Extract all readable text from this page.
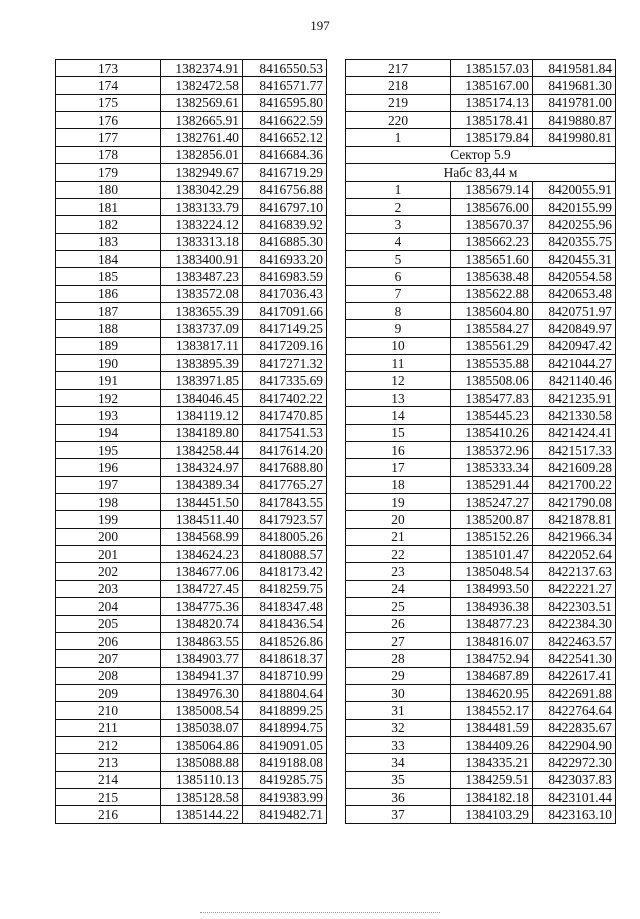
197
173	1382374.91	8416550.53
174	1382472.58	8416571.77
175	1382569.61	8416595.80
176	1382665.91	8416622.59
177	1382761.40	8416652.12
178	1382856.01	8416684.36
179	1382949.67	8416719.29
180	1383042.29	8416756.88
181	1383133.79	8416797.10
182	1383224.12	8416839.92
183	1383313.18	8416885.30
184	1383400.91	8416933.20
185	1383487.23	8416983.59
186	1383572.08	8417036.43
187	1383655.39	8417091.66
188	1383737.09	8417149.25
189	1383817.11	8417209.16
190	1383895.39	8417271.32
191	1383971.85	8417335.69
192	1384046.45	8417402.22
193	1384119.12	8417470.85
194	1384189.80	8417541.53
195	1384258.44	8417614.20
196	1384324.97	8417688.80
197	1384389.34	8417765.27
198	1384451.50	8417843.55
199	1384511.40	8417923.57
200	1384568.99	8418005.26
201	1384624.23	8418088.57
202	1384677.06	8418173.42
203	1384727.45	8418259.75
204	1384775.36	8418347.48
205	1384820.74	8418436.54
206	1384863.55	8418526.86
207	1384903.77	8418618.37
208	1384941.37	8418710.99
209	1384976.30	8418804.64
210	1385008.54	8418899.25
211	1385038.07	8418994.75
212	1385064.86	8419091.05
213	1385088.88	8419188.08
214	1385110.13	8419285.75
215	1385128.58	8419383.99
216	1385144.22	8419482.71
217	1385157.03	8419581.84
218	1385167.00	8419681.30
219	1385174.13	8419781.00
220	1385178.41	8419880.87
1	1385179.84	8419980.81
Сектор 5.9		
Набс 83,44 м		
1	1385679.14	8420055.91
2	1385676.00	8420155.99
3	1385670.37	8420255.96
4	1385662.23	8420355.75
5	1385651.60	8420455.31
6	1385638.48	8420554.58
7	1385622.88	8420653.48
8	1385604.80	8420751.97
9	1385584.27	8420849.97
10	1385561.29	8420947.42
11	1385535.88	8421044.27
12	1385508.06	8421140.46
13	1385477.83	8421235.91
14	1385445.23	8421330.58
15	1385410.26	8421424.41
16	1385372.96	8421517.33
17	1385333.34	8421609.28
18	1385291.44	8421700.22
19	1385247.27	8421790.08
20	1385200.87	8421878.81
21	1385152.26	8421966.34
22	1385101.47	8422052.64
23	1385048.54	8422137.63
24	1384993.50	8422221.27
25	1384936.38	8422303.51
26	1384877.23	8422384.30
27	1384816.07	8422463.57
28	1384752.94	8422541.30
29	1384687.89	8422617.41
30	1384620.95	8422691.88
31	1384552.17	8422764.64
32	1384481.59	8422835.67
33	1384409.26	8422904.90
34	1384335.21	8422972.30
35	1384259.51	8423037.83
36	1384182.18	8423101.44
37	1384103.29	8423163.10
